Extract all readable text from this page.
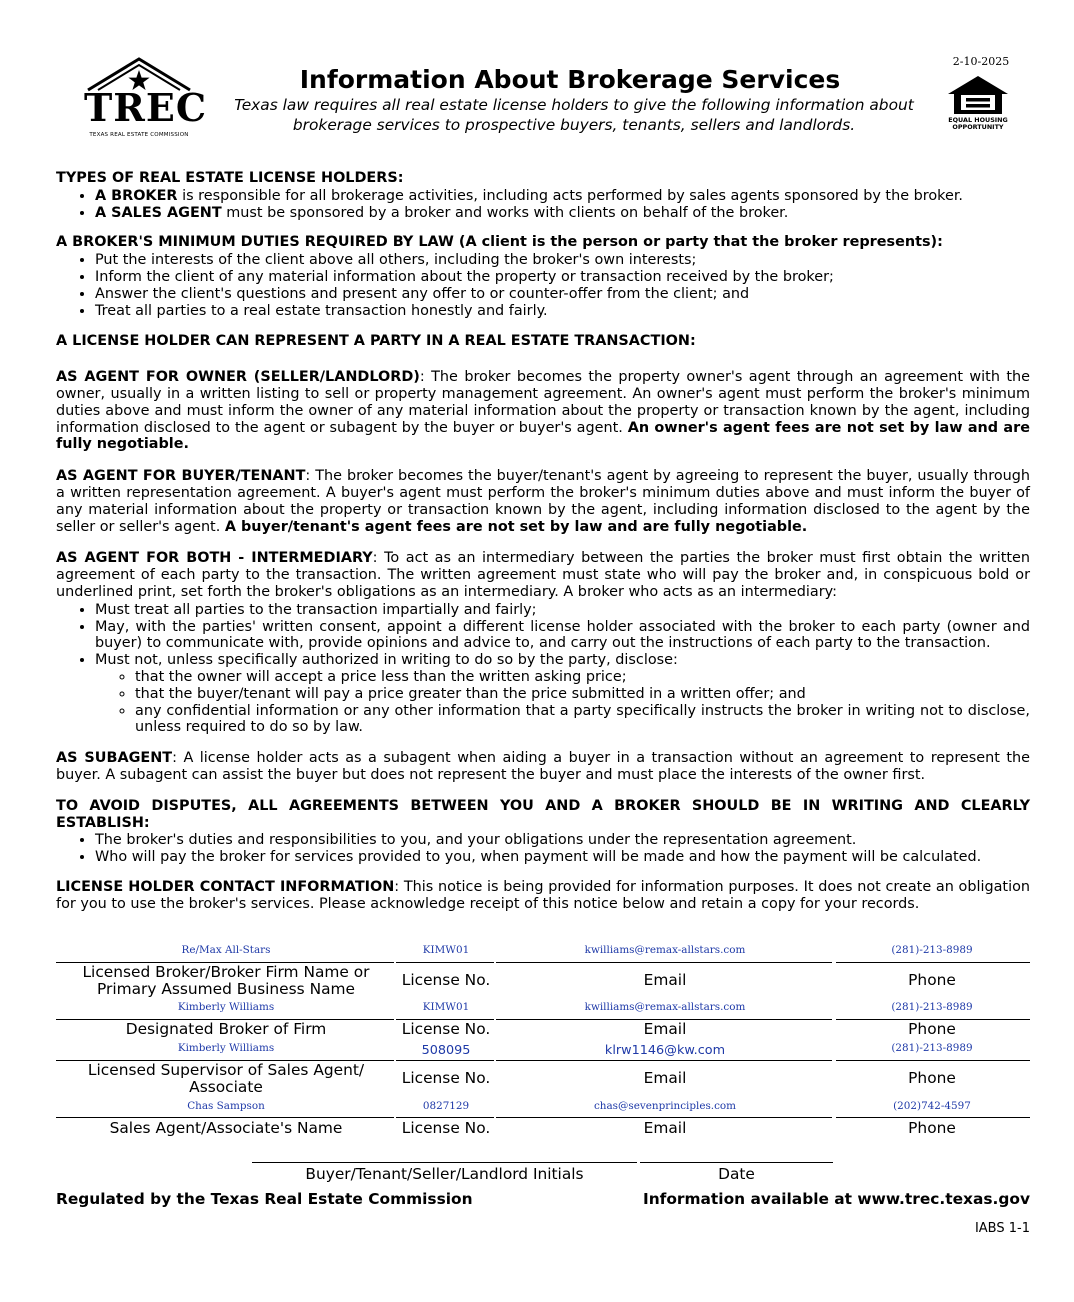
TREC
TEXAS REAL ESTATE COMMISSION
Information About Brokerage Services
Texas law requires all real estate license holders to give the following information about brokerage services to prospective buyers, tenants, sellers and landlords.
2-10-2025
EQUAL HOUSING OPPORTUNITY

TYPES OF REAL ESTATE LICENSE HOLDERS:

• A BROKER is responsible for all brokerage activities, including acts performed by sales agents sponsored by the broker.
• A SALES AGENT must be sponsored by a broker and works with clients on behalf of the broker.

A BROKER'S MINIMUM DUTIES REQUIRED BY LAW (A client is the person or party that the broker represents):

• Put the interests of the client above all others, including the broker's own interests;
• Inform the client of any material information about the property or transaction received by the broker;
• Answer the client's questions and present any offer to or counter-offer from the client; and
• Treat all parties to a real estate transaction honestly and fairly.

A LICENSE HOLDER CAN REPRESENT A PARTY IN A REAL ESTATE TRANSACTION:

AS AGENT FOR OWNER (SELLER/LANDLORD): The broker becomes the property owner's agent through an agreement with the owner, usually in a written listing to sell or property management agreement. An owner's agent must perform the broker's minimum duties above and must inform the owner of any material information about the property or transaction known by the agent, including information disclosed to the agent or subagent by the buyer or buyer's agent. An owner's agent fees are not set by law and are fully negotiable.

AS AGENT FOR BUYER/TENANT: The broker becomes the buyer/tenant's agent by agreeing to represent the buyer, usually through a written representation agreement. A buyer's agent must perform the broker's minimum duties above and must inform the buyer of any material information about the property or transaction known by the agent, including information disclosed to the agent by the seller or seller's agent. A buyer/tenant's agent fees are not set by law and are fully negotiable.

AS AGENT FOR BOTH - INTERMEDIARY: To act as an intermediary between the parties the broker must first obtain the written agreement of each party to the transaction. The written agreement must state who will pay the broker and, in conspicuous bold or underlined print, set forth the broker's obligations as an intermediary. A broker who acts as an intermediary:

• Must treat all parties to the transaction impartially and fairly;
• May, with the parties' written consent, appoint a different license holder associated with the broker to each party (owner and buyer) to communicate with, provide opinions and advice to, and carry out the instructions of each party to the transaction.
• Must not, unless specifically authorized in writing to do so by the party, disclose:
◦ that the owner will accept a price less than the written asking price;
◦ that the buyer/tenant will pay a price greater than the price submitted in a written offer; and
◦ any confidential information or any other information that a party specifically instructs the broker in writing not to disclose, unless required to do so by law.

AS SUBAGENT: A license holder acts as a subagent when aiding a buyer in a transaction without an agreement to represent the buyer. A subagent can assist the buyer but does not represent the buyer and must place the interests of the owner first.

TO AVOID DISPUTES, ALL AGREEMENTS BETWEEN YOU AND A BROKER SHOULD BE IN WRITING AND CLEARLY ESTABLISH:

• The broker's duties and responsibilities to you, and your obligations under the representation agreement.
• Who will pay the broker for services provided to you, when payment will be made and how the payment will be calculated.

LICENSE HOLDER CONTACT INFORMATION: This notice is being provided for information purposes. It does not create an obligation for you to use the broker's services. Please acknowledge receipt of this notice below and retain a copy for your records.

Re/Max All-Stars	KIMW01	kwilliams@remax-allstars.com	(281)-213-8989
Licensed Broker/Broker Firm Name or Primary Assumed Business Name	License No.	Email	Phone
Kimberly Williams	KIMW01	kwilliams@remax-allstars.com	(281)-213-8989
Designated Broker of Firm	License No.	Email	Phone
Kimberly Williams	508095	klrw1146@kw.com	(281)-213-8989
Licensed Supervisor of Sales Agent/ Associate	License No.	Email	Phone
Chas Sampson	0827129	chas@sevenprinciples.com	(202)742-4597
Sales Agent/Associate's Name	License No.	Email	Phone
Buyer/Tenant/Seller/Landlord Initials	Date
Regulated by the Texas Real Estate Commission	Information available at www.trec.texas.gov
IABS 1-1
